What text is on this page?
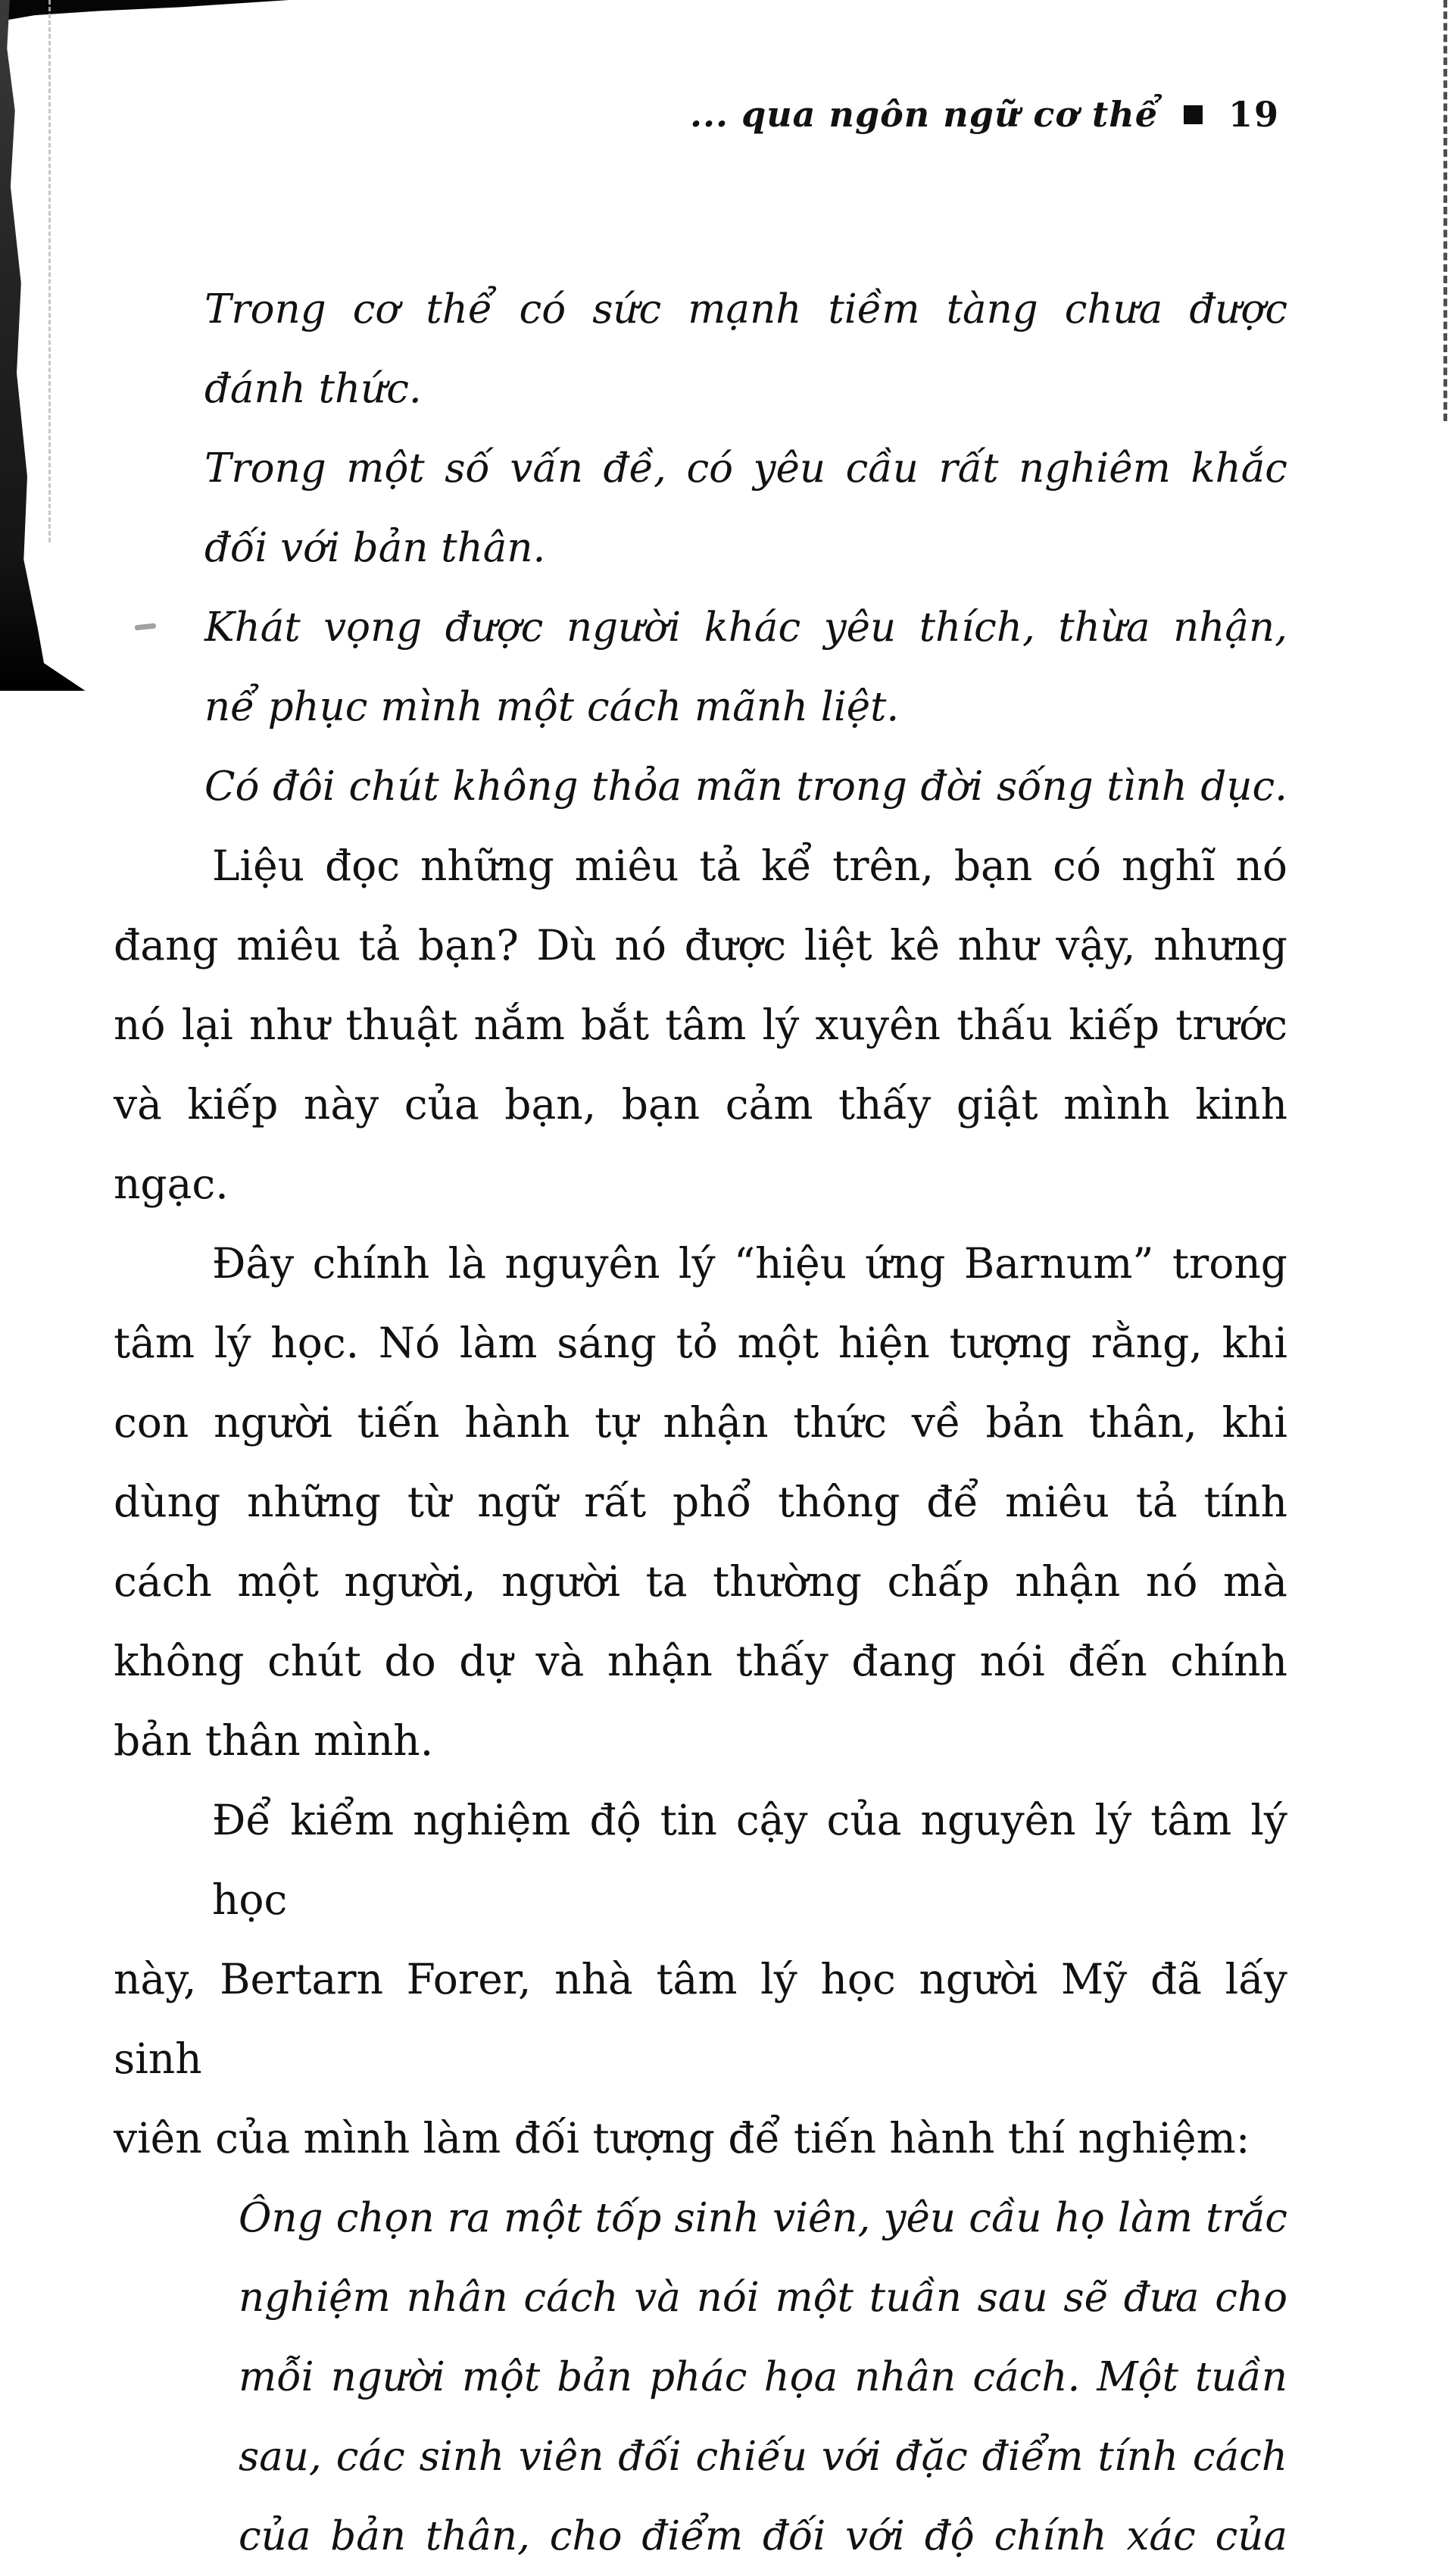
... qua ngôn ngữ cơ thể 19
Trong cơ thể có sức mạnh tiềm tàng chưa được
đánh thức.
Trong một số vấn đề, có yêu cầu rất nghiêm khắc
đối với bản thân.
Khát vọng được người khác yêu thích, thừa nhận,
nể phục mình một cách mãnh liệt.
Có đôi chút không thỏa mãn trong đời sống tình dục.
Liệu đọc những miêu tả kể trên, bạn có nghĩ nó
đang miêu tả bạn? Dù nó được liệt kê như vậy, nhưng
nó lại như thuật nắm bắt tâm lý xuyên thấu kiếp trước
và kiếp này của bạn, bạn cảm thấy giật mình kinh ngạc.
Đây chính là nguyên lý “hiệu ứng Barnum” trong
tâm lý học. Nó làm sáng tỏ một hiện tượng rằng, khi
con người tiến hành tự nhận thức về bản thân, khi
dùng những từ ngữ rất phổ thông để miêu tả tính
cách một người, người ta thường chấp nhận nó mà
không chút do dự và nhận thấy đang nói đến chính
bản thân mình.
Để kiểm nghiệm độ tin cậy của nguyên lý tâm lý học
này, Bertarn Forer, nhà tâm lý học người Mỹ đã lấy sinh
viên của mình làm đối tượng để tiến hành thí nghiệm:
Ông chọn ra một tốp sinh viên, yêu cầu họ làm trắc
nghiệm nhân cách và nói một tuần sau sẽ đưa cho
mỗi người một bản phác họa nhân cách. Một tuần
sau, các sinh viên đối chiếu với đặc điểm tính cách
của bản thân, cho điểm đối với độ chính xác của
